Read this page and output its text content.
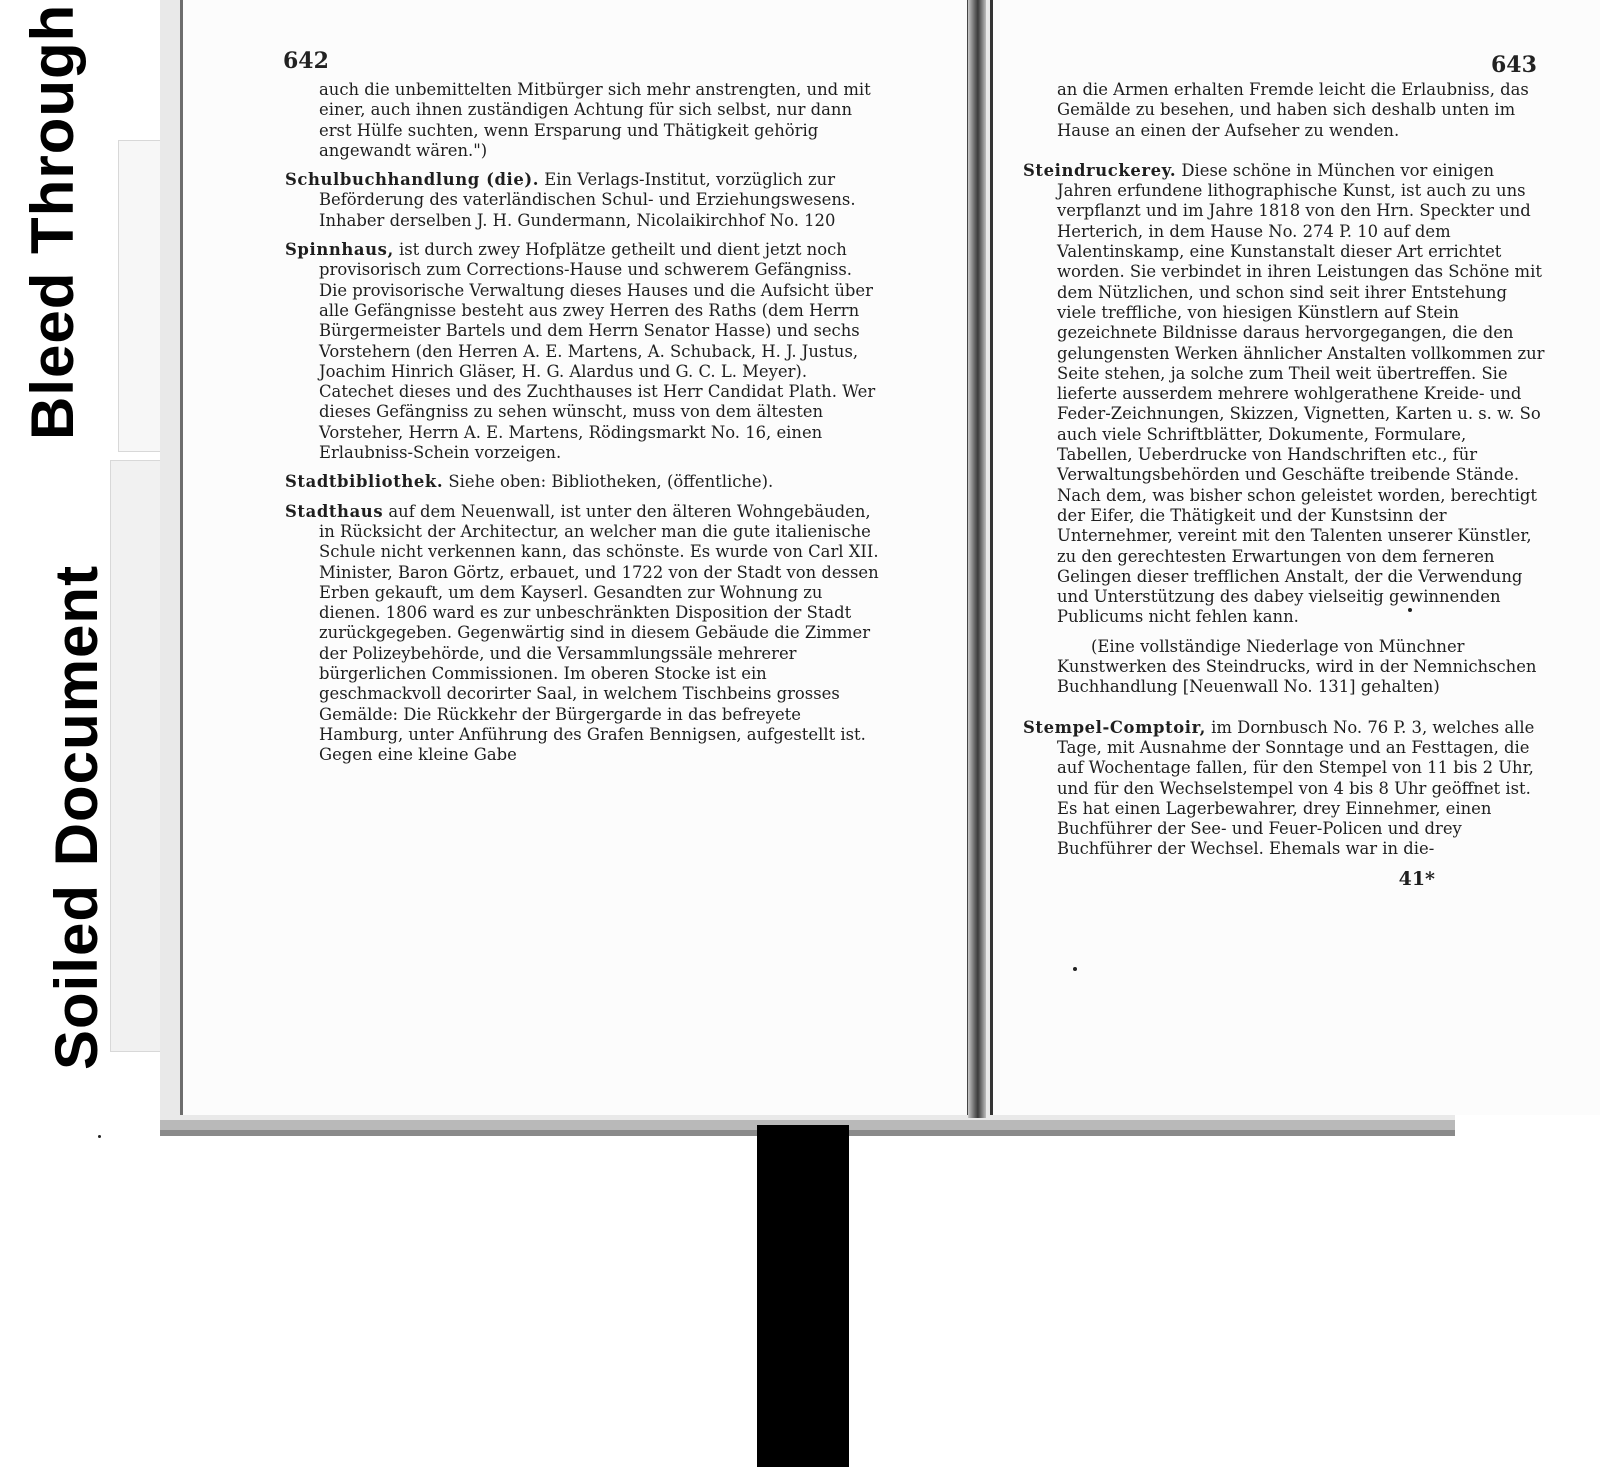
Bleed Through
Soiled Document
642

auch die unbemittelten Mitbürger sich mehr anstrengten, und mit einer, auch ihnen zuständigen Achtung für sich selbst, nur dann erst Hülfe suchten, wenn Ersparung und Thätigkeit gehörig angewandt wären.")

Schulbuchhandlung (die). Ein Verlags-Institut, vorzüglich zur Beförderung des vaterländischen Schul- und Erziehungswesens. Inhaber derselben J. H. Gundermann, Nicolaikirchhof No. 120

Spinnhaus, ist durch zwey Hofplätze getheilt und dient jetzt noch provisorisch zum Corrections-Hause und schwerem Gefängniss. Die provisorische Verwaltung dieses Hauses und die Aufsicht über alle Gefängnisse besteht aus zwey Herren des Raths (dem Herrn Bürgermeister Bartels und dem Herrn Senator Hasse) und sechs Vorstehern (den Herren A. E. Martens, A. Schuback, H. J. Justus, Joachim Hinrich Gläser, H. G. Alardus und G. C. L. Meyer). Catechet dieses und des Zuchthauses ist Herr Candidat Plath. Wer dieses Gefängniss zu sehen wünscht, muss von dem ältesten Vorsteher, Herrn A. E. Martens, Rödingsmarkt No. 16, einen Erlaubniss-Schein vorzeigen.

Stadtbibliothek. Siehe oben: Bibliotheken, (öffentliche).

Stadthaus auf dem Neuenwall, ist unter den älteren Wohngebäuden, in Rücksicht der Architectur, an welcher man die gute italienische Schule nicht verkennen kann, das schönste. Es wurde von Carl XII. Minister, Baron Görtz, erbauet, und 1722 von der Stadt von dessen Erben gekauft, um dem Kayserl. Gesandten zur Wohnung zu dienen. 1806 ward es zur unbeschränkten Disposition der Stadt zurückgegeben. Gegenwärtig sind in diesem Gebäude die Zimmer der Polizeybehörde, und die Versammlungssäle mehrerer bürgerlichen Commissionen. Im oberen Stocke ist ein geschmackvoll decorirter Saal, in welchem Tischbeins grosses Gemälde: Die Rückkehr der Bürgergarde in das befreyete Hamburg, unter Anführung des Grafen Bennigsen, aufgestellt ist. Gegen eine kleine Gabe

643

an die Armen erhalten Fremde leicht die Erlaubniss, das Gemälde zu besehen, und haben sich deshalb unten im Hause an einen der Aufseher zu wenden.

Steindruckerey. Diese schöne in München vor einigen Jahren erfundene lithographische Kunst, ist auch zu uns verpflanzt und im Jahre 1818 von den Hrn. Speckter und Herterich, in dem Hause No. 274 P. 10 auf dem Valentinskamp, eine Kunstanstalt dieser Art errichtet worden. Sie verbindet in ihren Leistungen das Schöne mit dem Nützlichen, und schon sind seit ihrer Entstehung viele treffliche, von hiesigen Künstlern auf Stein gezeichnete Bildnisse daraus hervorgegangen, die den gelungensten Werken ähnlicher Anstalten vollkommen zur Seite stehen, ja solche zum Theil weit übertreffen. Sie lieferte ausserdem mehrere wohlgerathene Kreide- und Feder-Zeichnungen, Skizzen, Vignetten, Karten u. s. w. So auch viele Schriftblätter, Dokumente, Formulare, Tabellen, Ueberdrucke von Handschriften etc., für Verwaltungsbehörden und Geschäfte treibende Stände. Nach dem, was bisher schon geleistet worden, berechtigt der Eifer, die Thätigkeit und der Kunstsinn der Unternehmer, vereint mit den Talenten unserer Künstler, zu den gerechtesten Erwartungen von dem ferneren Gelingen dieser trefflichen Anstalt, der die Verwendung und Unterstützung des dabey vielseitig gewinnenden Publicums nicht fehlen kann.

(Eine vollständige Niederlage von Münchner Kunstwerken des Steindrucks, wird in der Nemnichschen Buchhandlung [Neuenwall No. 131] gehalten)

Stempel-Comptoir, im Dornbusch No. 76 P. 3, welches alle Tage, mit Ausnahme der Sonntage und an Festtagen, die auf Wochentage fallen, für den Stempel von 11 bis 2 Uhr, und für den Wechselstempel von 4 bis 8 Uhr geöffnet ist. Es hat einen Lagerbewahrer, drey Einnehmer, einen Buchführer der See- und Feuer-Policen und drey Buchführer der Wechsel. Ehemals war in die-

41*
